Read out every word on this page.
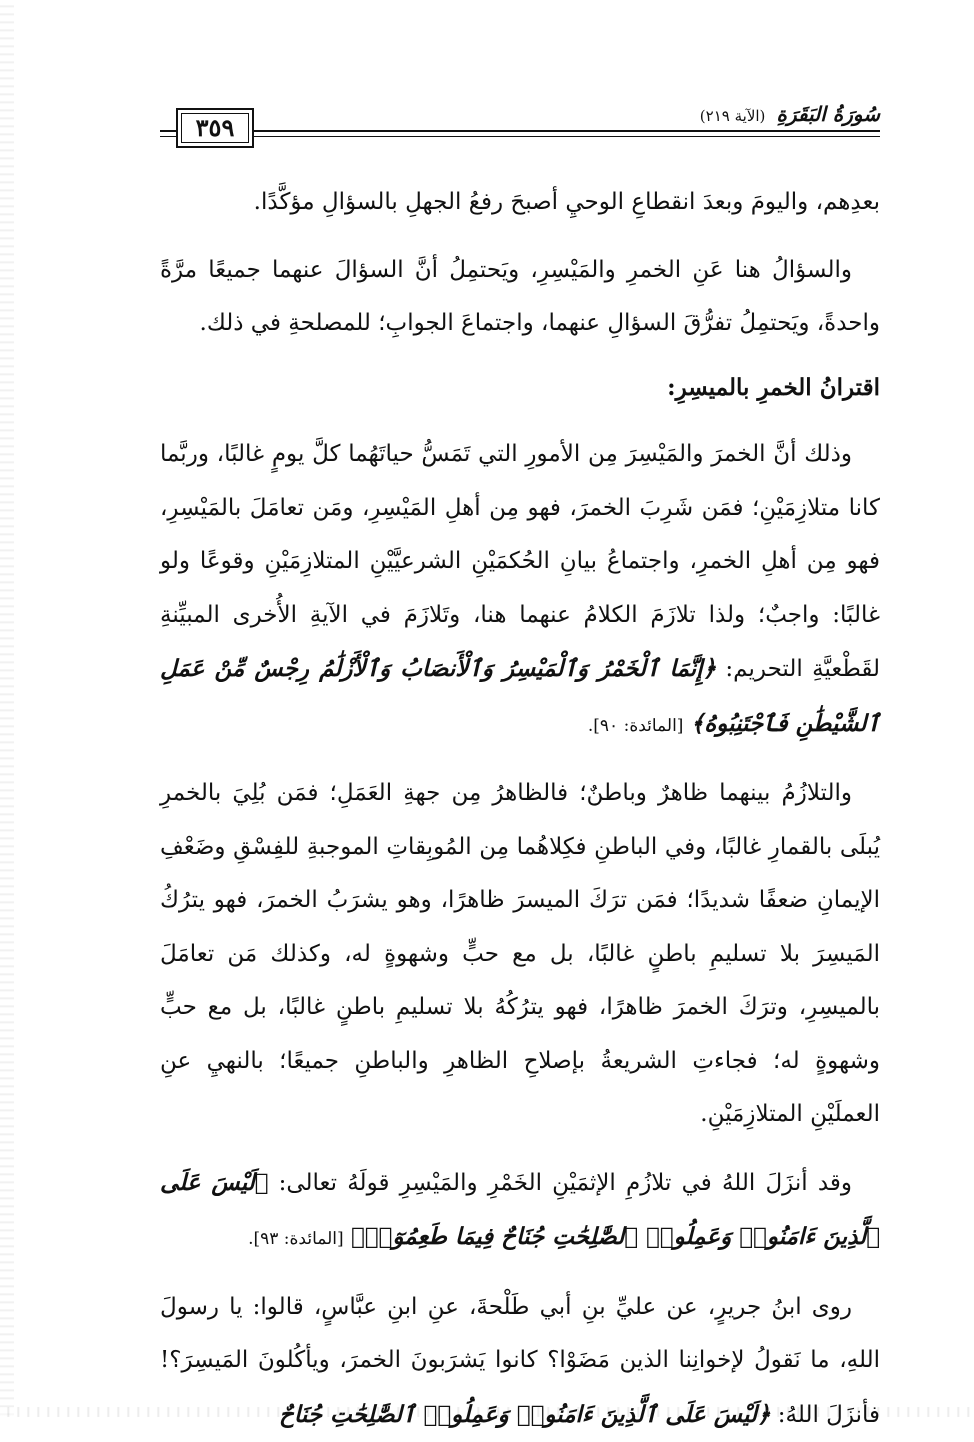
٣٥٩	سُورَةُ البَقَرَةِ (الآية ٢١٩)

بعدِهم، واليومَ وبعدَ انقطاعِ الوحيِ أصبحَ رفعُ الجهلِ بالسؤالِ مؤكَّدًا.

والسؤالُ هنا عَنِ الخمرِ والمَيْسِرِ، ويَحتمِلُ أنَّ السؤالَ عنهما جميعًا مرَّةً واحدةً، ويَحتمِلُ تفرُّقَ السؤالِ عنهما، واجتماعَ الجوابِ؛ للمصلحةِ في ذلك.

اقترانُ الخمرِ بالميسِرِ:

وذلك أنَّ الخمرَ والمَيْسِرَ مِن الأمورِ التي تَمَسُّ حياتَهُما كلَّ يومٍ غالبًا، وربَّما كانا متلازِمَيْنِ؛ فمَن شَرِبَ الخمرَ، فهو مِن أهلِ المَيْسِرِ، ومَن تعامَلَ بالمَيْسِرِ، فهو مِن أهلِ الخمرِ، واجتماعُ بيانِ الحُكمَيْنِ الشرعيَّيْنِ المتلازِمَيْنِ وقوعًا ولو غالبًا: واجبٌ؛ ولذا تلازَمَ الكلامُ عنهما هنا، وتَلازَمَ في الآيةِ الأُخرى المبيِّنةِ لقَطْعيَّةِ التحريم: ﴿إِنَّمَا ٱلْخَمْرُ وَٱلْمَيْسِرُ وَٱلْأَنصَابُ وَٱلْأَزْلَٰمُ رِجْسٌ مِّنْ عَمَلِ ٱلشَّيْطَٰنِ فَٱجْتَنِبُوهُ﴾ [المائدة: ٩٠].

والتلازُمُ بينهما ظاهرٌ وباطنٌ؛ فالظاهرُ مِن جهةِ العَمَلِ؛ فمَن بُلِيَ بالخمرِ يُبلَى بالقمارِ غالبًا، وفي الباطنِ فكِلاهُما مِن المُوبِقاتِ الموجبةِ للفِسْقِ وضَعْفِ الإيمانِ ضعفًا شديدًا؛ فمَن ترَكَ الميسرَ ظاهرًا، وهو يشرَبُ الخمرَ، فهو يترُكُ المَيسِرَ بلا تسليمِ باطنٍ غالبًا، بل مع حبٍّ وشهوةٍ له، وكذلك مَن تعامَلَ بالميسِرِ، وترَكَ الخمرَ ظاهرًا، فهو يترُكُهُ بلا تسليمِ باطنٍ غالبًا، بل مع حبٍّ وشهوةٍ له؛ فجاءتِ الشريعةُ بإصلاحِ الظاهرِ والباطنِ جميعًا؛ بالنهيِ عنِ العملَيْنِ المتلازِمَيْنِ.

وقد أنزَلَ اللهُ في تلازُمِ الإثمَيْنِ الخَمْرِ والمَيْسِرِ قولَهُ تعالى: ﴿لَيْسَ عَلَى ٱلَّذِينَ ءَامَنُوا۟ وَعَمِلُوا۟ ٱلصَّٰلِحَٰتِ جُنَاحٌ فِيمَا طَعِمُوٓا۟﴾ [المائدة: ٩٣].

روى ابنُ جريرٍ، عن عليِّ بنِ أبي طَلْحةَ، عنِ ابنِ عبَّاسٍ، قالوا: يا رسولَ اللهِ، ما نَقولُ لإخوانِنا الذين مَضَوْا؟ كانوا يَشرَبونَ الخمرَ، ويأكُلونَ المَيسِرَ؟! فأنزَلَ اللهُ: ﴿لَيْسَ عَلَى ٱلَّذِينَ ءَامَنُوا۟ وَعَمِلُوا۟ ٱلصَّٰلِحَٰتِ جُنَاحٌ
